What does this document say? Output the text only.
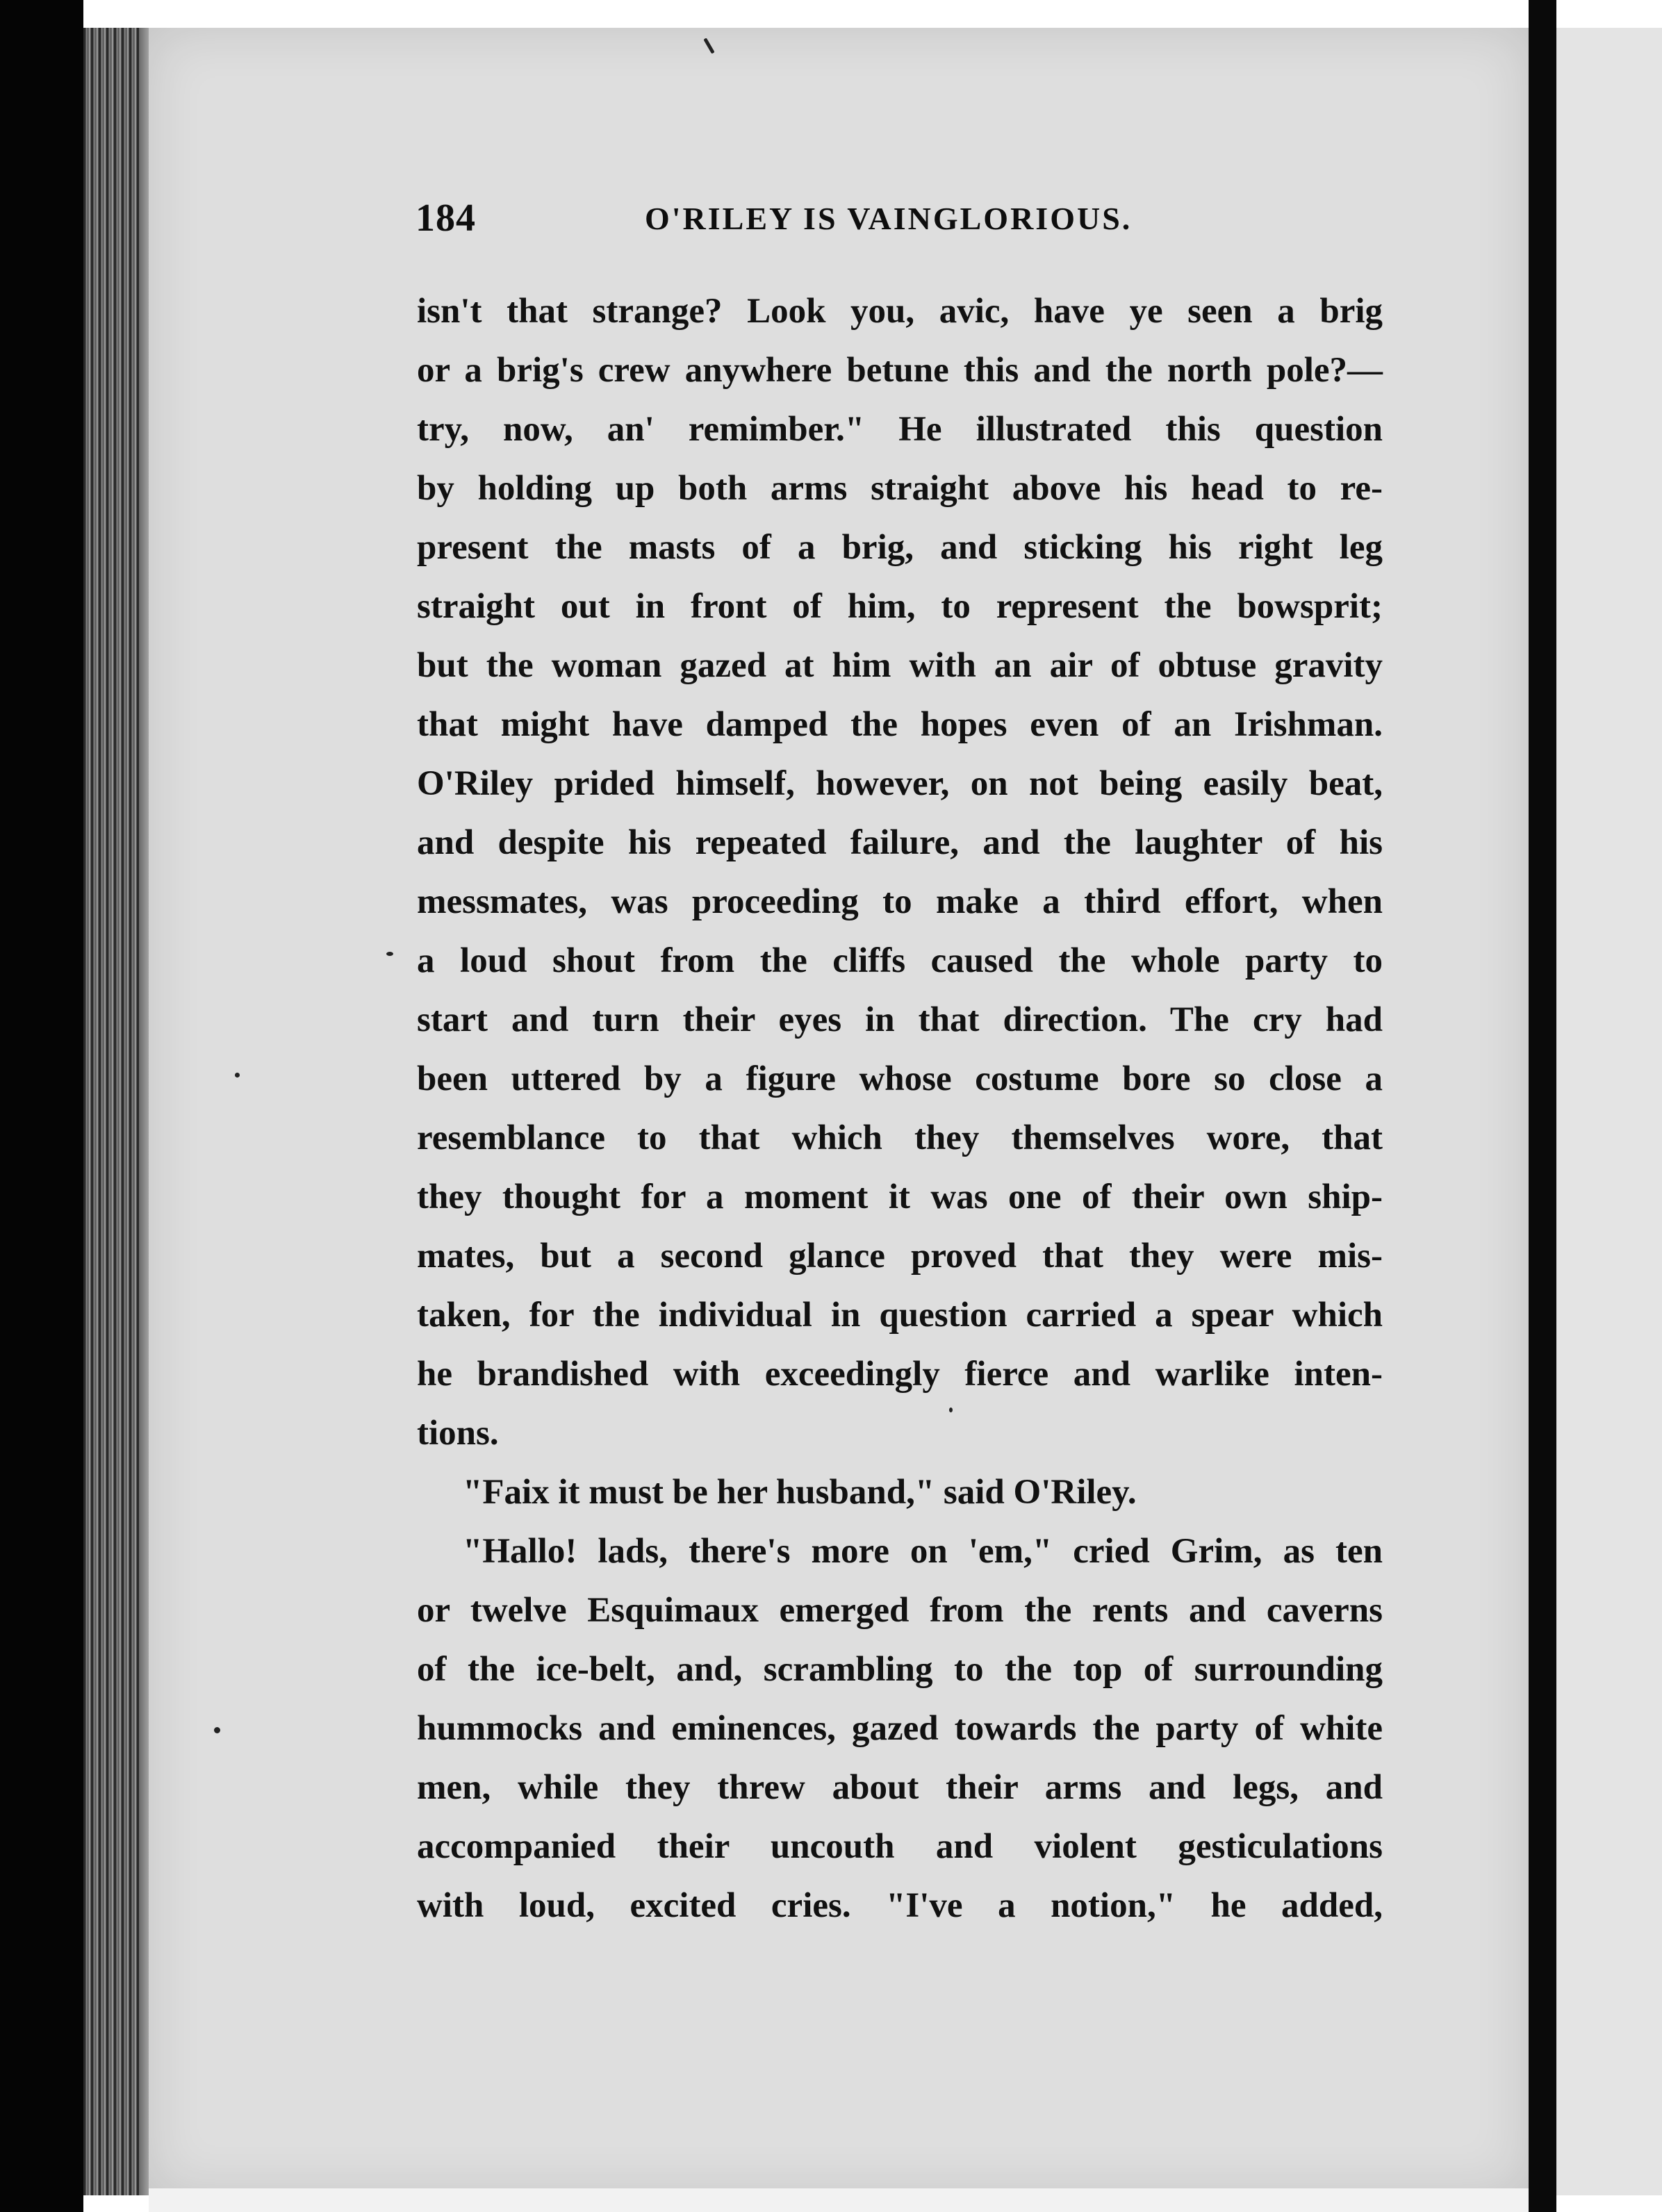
184	O'RILEY IS VAINGLORIOUS.
isn't that strange? Look you, avic, have ye seen a brig
or a brig's crew anywhere betune this and the north pole?—
try, now, an' remimber." He illustrated this question
by holding up both arms straight above his head to re-
present the masts of a brig, and sticking his right leg
straight out in front of him, to represent the bowsprit;
but the woman gazed at him with an air of obtuse gravity
that might have damped the hopes even of an Irishman.
O'Riley prided himself, however, on not being easily beat,
and despite his repeated failure, and the laughter of his
messmates, was proceeding to make a third effort, when
a loud shout from the cliffs caused the whole party to
start and turn their eyes in that direction. The cry had
been uttered by a figure whose costume bore so close a
resemblance to that which they themselves wore, that
they thought for a moment it was one of their own ship-
mates, but a second glance proved that they were mis-
taken, for the individual in question carried a spear which
he brandished with exceedingly fierce and warlike inten-
tions.
"Faix it must be her husband," said O'Riley.
"Hallo! lads, there's more on 'em," cried Grim, as ten
or twelve Esquimaux emerged from the rents and caverns
of the ice-belt, and, scrambling to the top of surrounding
hummocks and eminences, gazed towards the party of white
men, while they threw about their arms and legs, and
accompanied their uncouth and violent gesticulations
with loud, excited cries. "I've a notion," he added,
